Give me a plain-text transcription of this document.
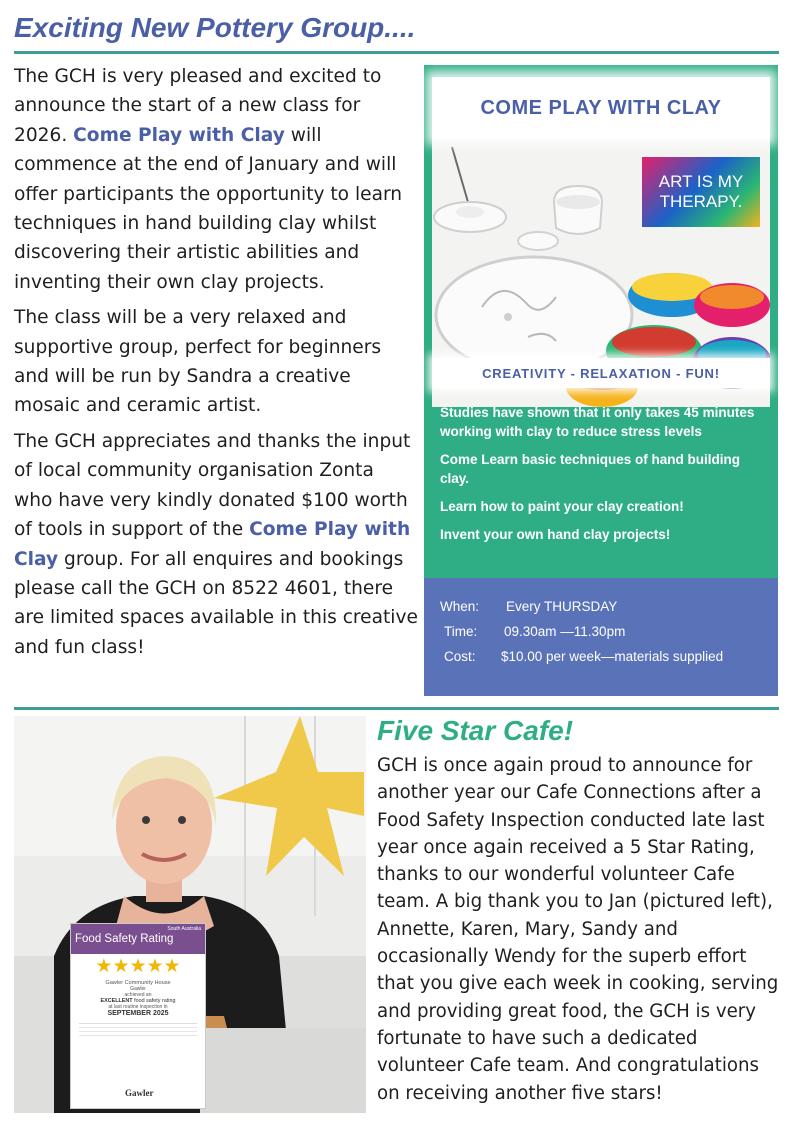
Exciting New Pottery Group....

The GCH is very pleased and excited to announce the start of a new class for 2026. Come Play with Clay will commence at the end of January and will offer participants the opportunity to learn techniques in hand building clay whilst discovering their artistic abilities and inventing their own clay projects.

The class will be a very relaxed and supportive group, perfect for beginners and will be run by Sandra a creative mosaic and ceramic artist.

The GCH appreciates and thanks the input of local community organisation Zonta who have very kindly donated $100 worth of tools in support of the Come Play with Clay group. For all enquires and bookings please call the GCH on 8522 4601, there are limited spaces available in this creative and fun class!

ART IS MY THERAPY.
COME PLAY WITH CLAY
CREATIVITY - RELAXATION - FUN!
Studies have shown that it only takes 45 minutes working with clay to reduce stress levels
Come Learn basic techniques of hand building clay.
Learn how to paint your clay creation!
Invent your own hand clay projects!
When: Every THURSDAY
Time: 09.30am —11.30pm
Cost: $10.00 per week—materials supplied
South Australia
Food Safety Rating
★★★★★
Gawler Community House
Gawler
achieved an
EXCELLENT food safety rating
at last routine inspection in
SEPTEMBER 2025
Gawler
Five Star Cafe!
GCH is once again proud to announce for another year our Cafe Connections after a Food Safety Inspection conducted late last year once again received a 5 Star Rating, thanks to our wonderful volunteer Cafe team. A big thank you to Jan (pictured left), Annette, Karen, Mary, Sandy and occasionally Wendy for the superb effort that you give each week in cooking, serving and providing great food, the GCH is very fortunate to have such a dedicated volunteer Cafe team. And congratulations on receiving another five stars!
